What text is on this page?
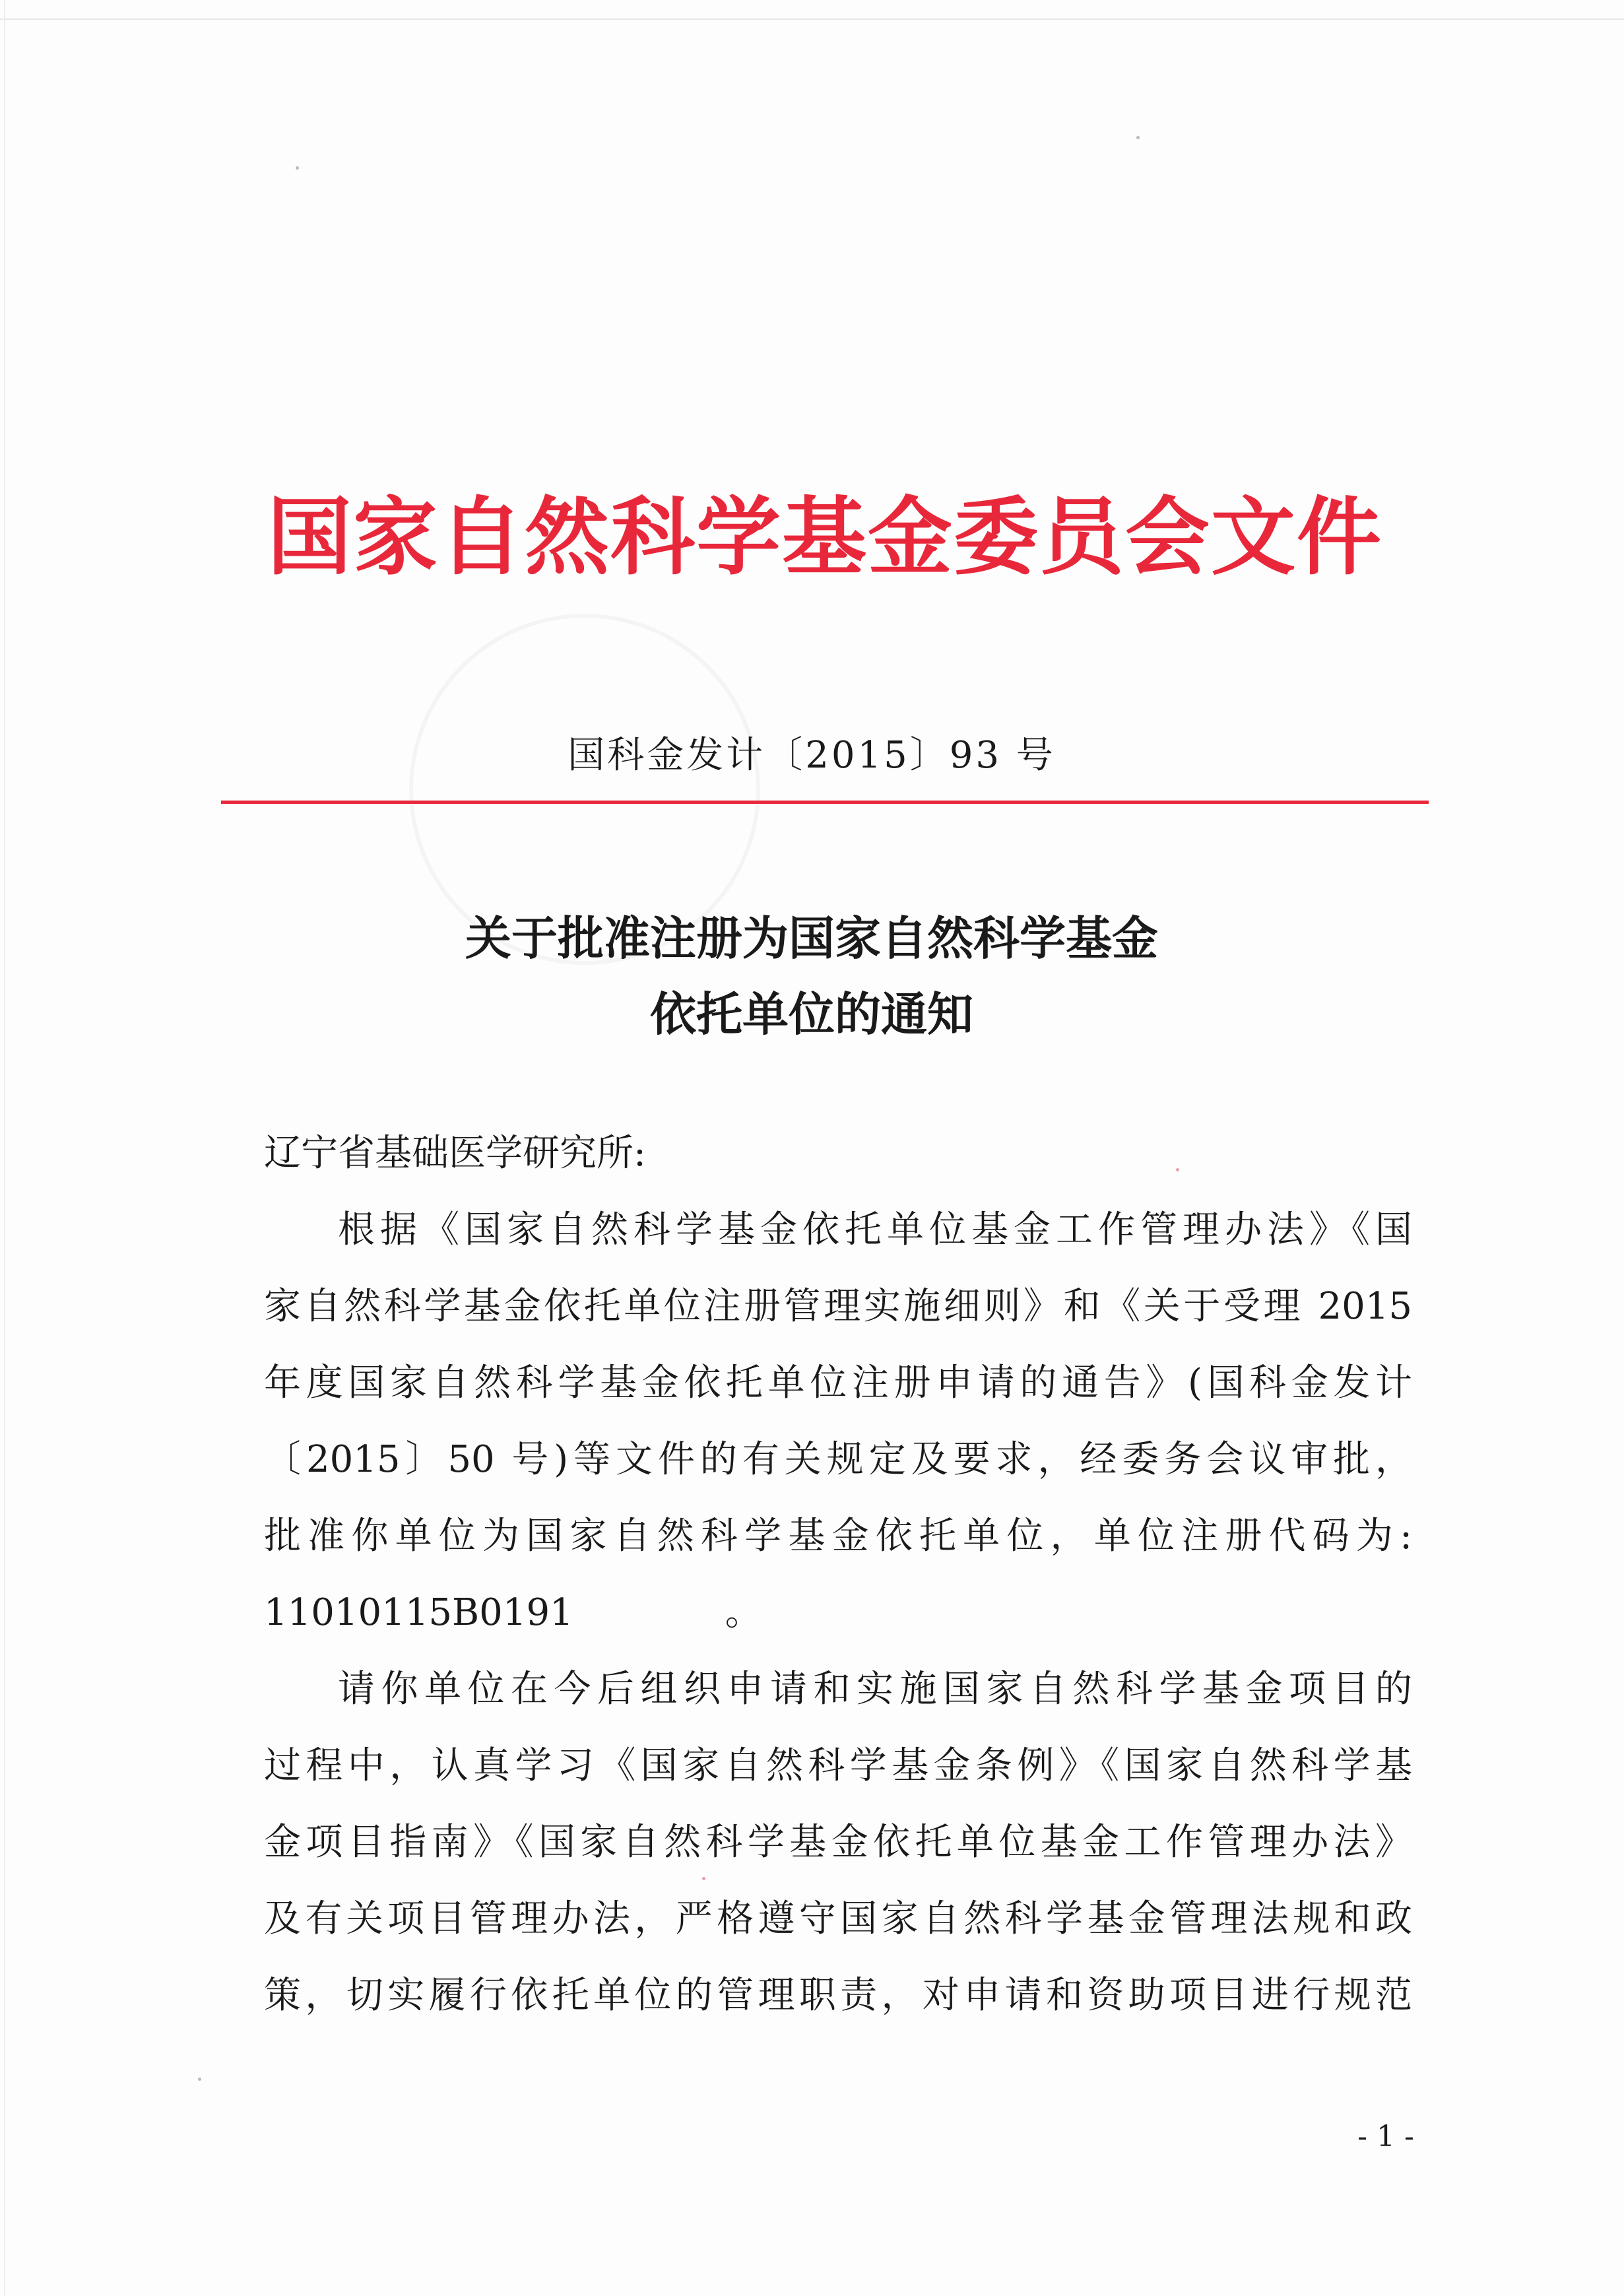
国家自然科学基金委员会文件
国科金发计〔2015〕93 号
关于批准注册为国家自然科学基金
依托单位的通知
辽宁省基础医学研究所:
根据《国家自然科学基金依托单位基金工作管理办法》《国
家自然科学基金依托单位注册管理实施细则》和《关于受理 2015
年度国家自然科学基金依托单位注册申请的通告》(国科金发计
〔2015〕50 号)等文件的有关规定及要求，经委务会议审批，
批准你单位为国家自然科学基金依托单位，单位注册代码为:
11010115B0191	。
请你单位在今后组织申请和实施国家自然科学基金项目的
过程中，认真学习《国家自然科学基金条例》《国家自然科学基
金项目指南》《国家自然科学基金依托单位基金工作管理办法》
及有关项目管理办法，严格遵守国家自然科学基金管理法规和政
策，切实履行依托单位的管理职责，对申请和资助项目进行规范
- 1 -
